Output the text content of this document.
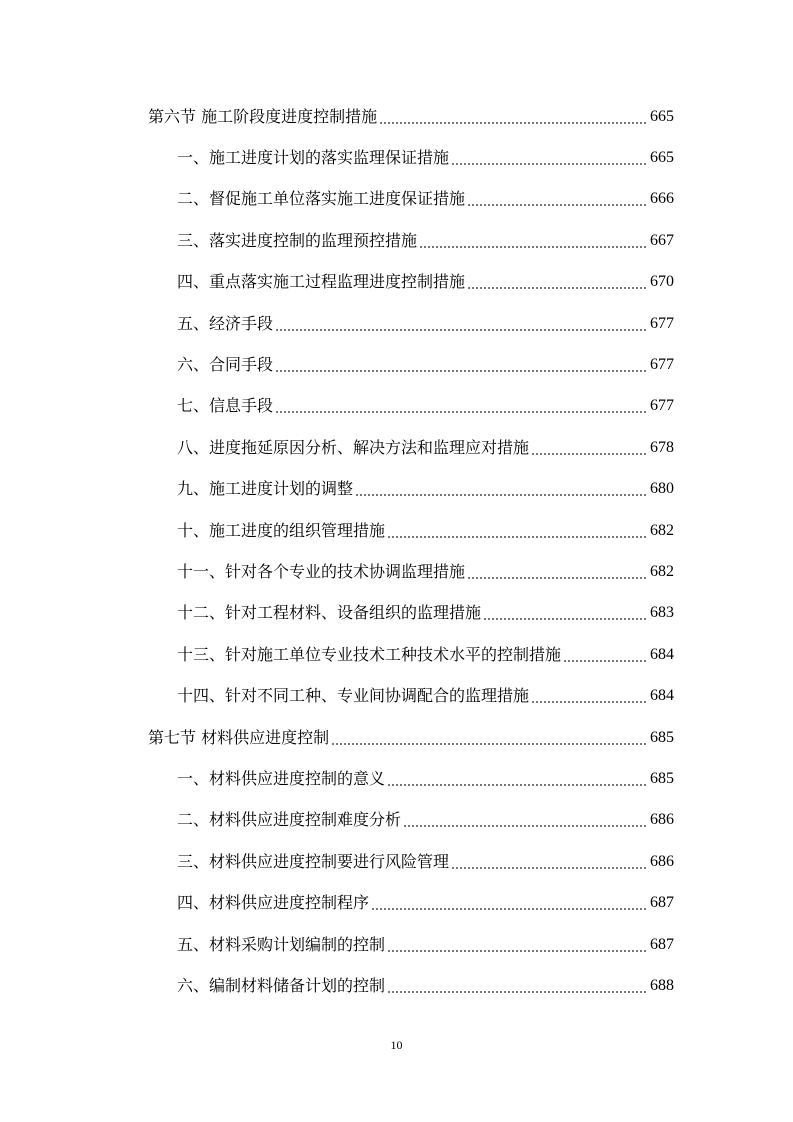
第六节 施工阶段度进度控制措施	665
一、施工进度计划的落实监理保证措施	665
二、督促施工单位落实施工进度保证措施	666
三、落实进度控制的监理预控措施	667
四、重点落实施工过程监理进度控制措施	670
五、经济手段	677
六、合同手段	677
七、信息手段	677
八、进度拖延原因分析、解决方法和监理应对措施	678
九、施工进度计划的调整	680
十、施工进度的组织管理措施	682
十一、针对各个专业的技术协调监理措施	682
十二、针对工程材料、设备组织的监理措施	683
十三、针对施工单位专业技术工种技术水平的控制措施	684
十四、针对不同工种、专业间协调配合的监理措施	684
第七节 材料供应进度控制	685
一、材料供应进度控制的意义	685
二、材料供应进度控制难度分析	686
三、材料供应进度控制要进行风险管理	686
四、材料供应进度控制程序	687
五、材料采购计划编制的控制	687
六、编制材料储备计划的控制	688
10
